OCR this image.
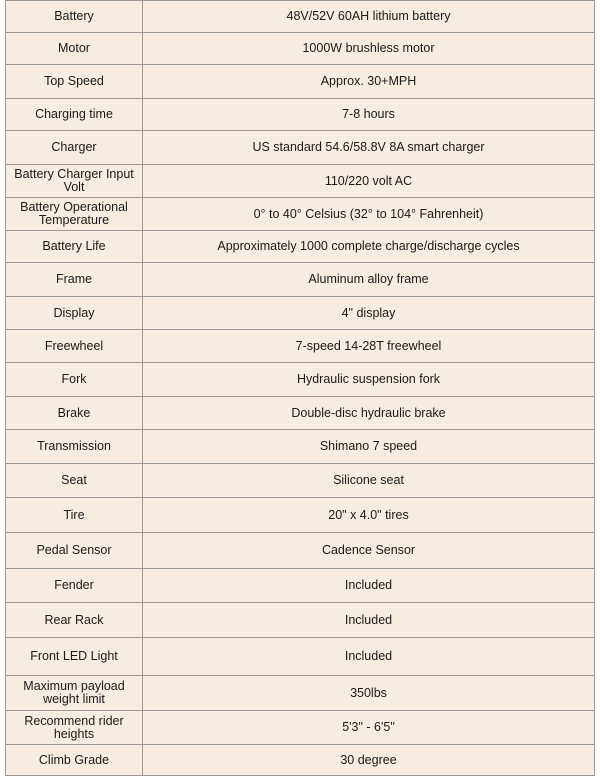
Battery	48V/52V 60AH lithium battery
Motor	1000W brushless motor
Top Speed	Approx. 30+MPH
Charging time	7-8 hours
Charger	US standard 54.6/58.8V 8A smart charger
Battery Charger Input Volt	110/220 volt AC
Battery Operational Temperature	0° to 40° Celsius (32° to 104° Fahrenheit)
Battery Life	Approximately 1000 complete charge/discharge cycles
Frame	Aluminum alloy frame
Display	4" display
Freewheel	7-speed 14-28T freewheel
Fork	Hydraulic suspension fork
Brake	Double-disc hydraulic brake
Transmission	Shimano 7 speed
Seat	Silicone seat
Tire	20" x 4.0" tires
Pedal Sensor	Cadence Sensor
Fender	Included
Rear Rack	Included
Front LED Light	Included
Maximum payload weight limit	350lbs
Recommend rider heights	5'3" - 6'5"
Climb Grade	30 degree
